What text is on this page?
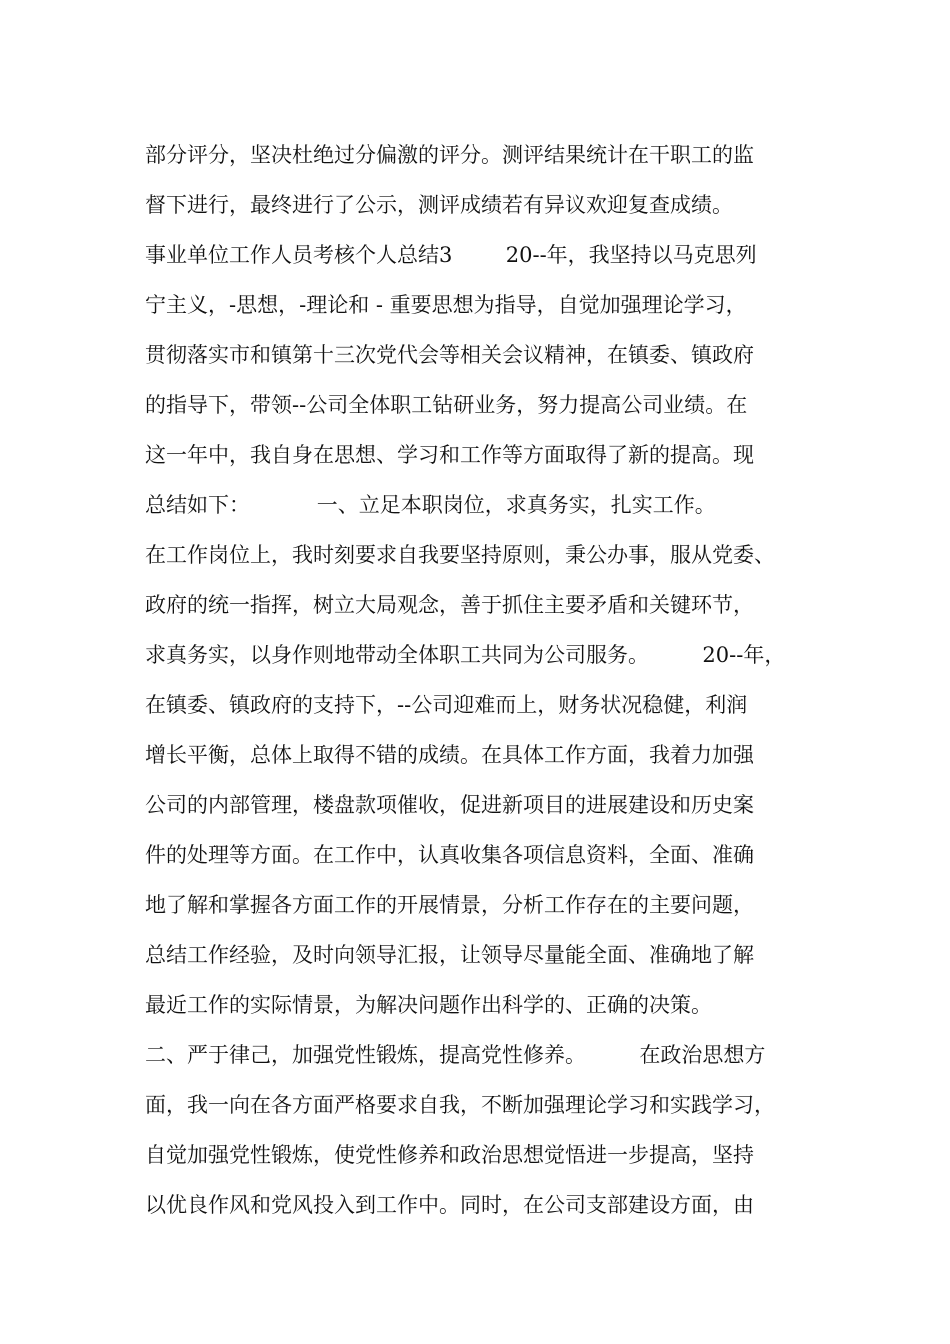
部分评分，坚决杜绝过分偏激的评分。测评结果统计在干职工的监
督下进行，最终进行了公示，测评成绩若有异议欢迎复查成绩。
事业单位工作人员考核个人总结3        20--年，我坚持以马克思列
宁主义，-思想，-理论和 - 重要思想为指导，自觉加强理论学习，
贯彻落实市和镇第十三次党代会等相关会议精神，在镇委、镇政府
的指导下，带领--公司全体职工钻研业务，努力提高公司业绩。在
这一年中，我自身在思想、学习和工作等方面取得了新的提高。现
总结如下：          一、立足本职岗位，求真务实，扎实工作。
在工作岗位上，我时刻要求自我要坚持原则，秉公办事，服从党委、
政府的统一指挥，树立大局观念，善于抓住主要矛盾和关键环节，
求真务实，以身作则地带动全体职工共同为公司服务。        20--年，
在镇委、镇政府的支持下，--公司迎难而上，财务状况稳健，利润
增长平衡，总体上取得不错的成绩。在具体工作方面，我着力加强
公司的内部管理，楼盘款项催收，促进新项目的进展建设和历史案
件的处理等方面。在工作中，认真收集各项信息资料，全面、准确
地了解和掌握各方面工作的开展情景，分析工作存在的主要问题，
总结工作经验，及时向领导汇报，让领导尽量能全面、准确地了解
最近工作的实际情景，为解决问题作出科学的、正确的决策。
二、严于律己，加强党性锻炼，提高党性修养。        在政治思想方
面，我一向在各方面严格要求自我，不断加强理论学习和实践学习，
自觉加强党性锻炼，使党性修养和政治思想觉悟进一步提高，坚持
以优良作风和党风投入到工作中。同时，在公司支部建设方面，由
